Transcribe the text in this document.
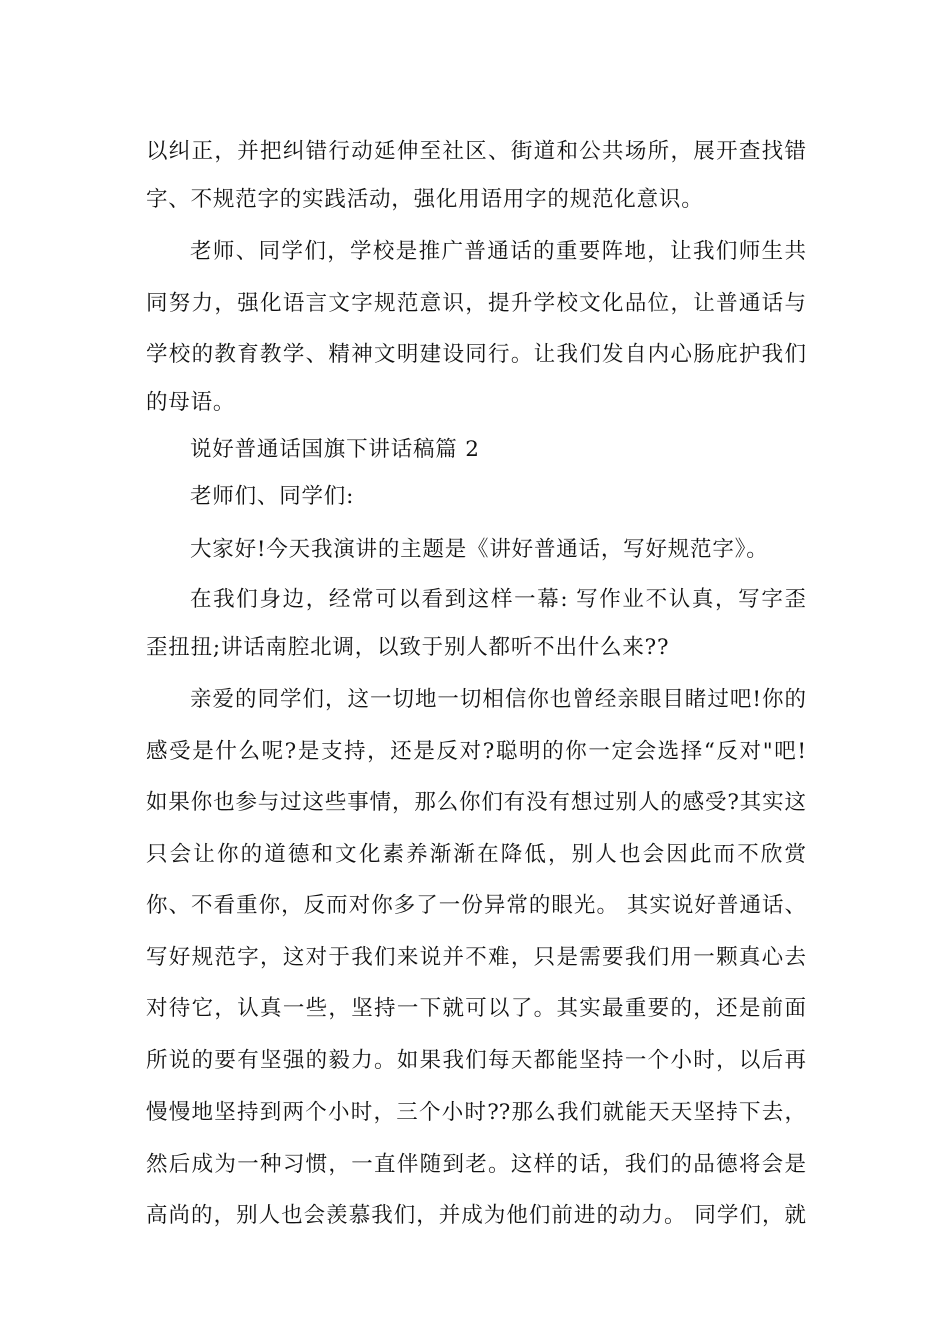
以纠正，并把纠错行动延伸至社区、街道和公共场所，展开查找错
字、不规范字的实践活动，强化用语用字的规范化意识。
老师、同学们，学校是推广普通话的重要阵地，让我们师生共
同努力，强化语言文字规范意识，提升学校文化品位，让普通话与
学校的教育教学、精神文明建设同行。让我们发自内心肠庇护我们
的母语。
说好普通话国旗下讲话稿篇 2
老师们、同学们:
大家好!今天我演讲的主题是《讲好普通话，写好规范字》。
在我们身边，经常可以看到这样一幕: 写作业不认真，写字歪
歪扭扭;讲话南腔北调，以致于别人都听不出什么来??
亲爱的同学们，这一切地一切相信你也曾经亲眼目睹过吧!你的
感受是什么呢?是支持，还是反对?聪明的你一定会选择“反对"吧!
如果你也参与过这些事情，那么你们有没有想过别人的感受?其实这
只会让你的道德和文化素养渐渐在降低，别人也会因此而不欣赏
你、不看重你，反而对你多了一份异常的眼光。 其实说好普通话、
写好规范字，这对于我们来说并不难，只是需要我们用一颗真心去
对待它，认真一些，坚持一下就可以了。其实最重要的，还是前面
所说的要有坚强的毅力。如果我们每天都能坚持一个小时，以后再
慢慢地坚持到两个小时，三个小时??那么我们就能天天坚持下去，
然后成为一种习惯，一直伴随到老。这样的话，我们的品德将会是
高尚的，别人也会羡慕我们，并成为他们前进的动力。 同学们，就
